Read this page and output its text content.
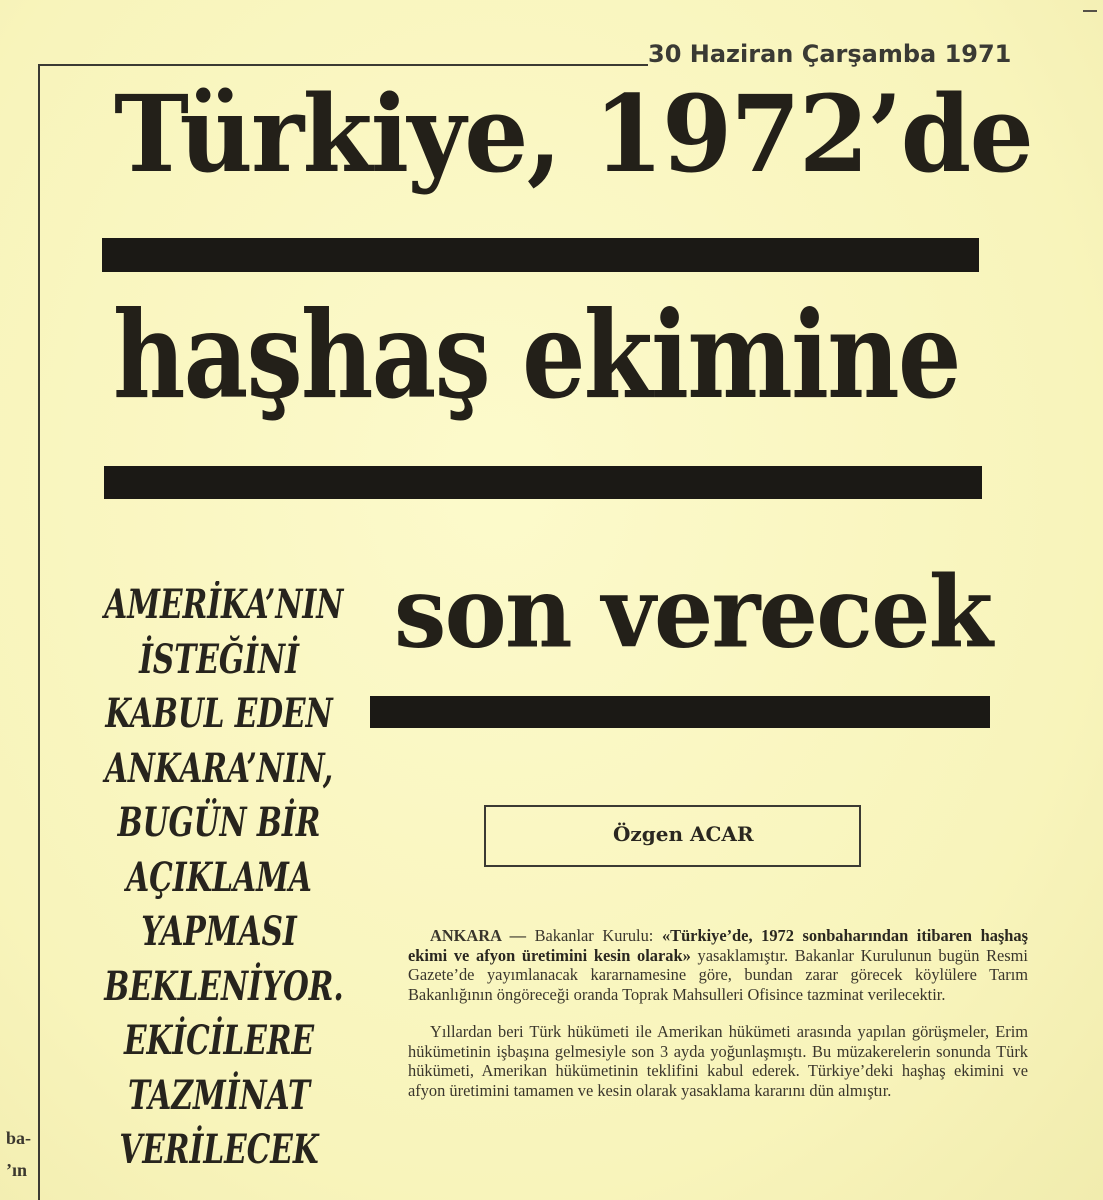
30 Haziran Çarşamba 1971
Türkiye, 1972’de
haşhaş ekimine
son verecek
AMERİKA’NIN
İSTEĞİNİ
KABUL EDEN
ANKARA’NIN,
BUGÜN BİR
AÇIKLAMA
YAPMASI
BEKLENİYOR.
EKİCİLERE
TAZMİNAT
VERİLECEK
Özgen ACAR

ANKARA — Bakanlar Kurulu: «Türkiye’de, 1972 sonbaharından itibaren haşhaş ekimi ve afyon üretimini kesin olarak» yasaklamıştır. Bakanlar Kurulunun bugün Resmi Gazete’de yayımlanacak kararnamesine göre, bundan zarar görecek köylülere Tarım Bakanlığının öngöreceği oranda Toprak Mahsulleri Ofisince tazminat verilecektir.

Yıllardan beri Türk hükümeti ile Amerikan hükümeti arasında yapılan görüşmeler, Erim hükümetinin işbaşına gelmesiyle son 3 ayda yoğunlaşmıştı. Bu müzakerelerin sonunda Türk hükümeti, Amerikan hükümetinin teklifini kabul ederek. Türkiye’deki haşhaş ekimini ve afyon üretimini tamamen ve kesin olarak yasaklama kararını dün almıştır.

ba-
’ın
